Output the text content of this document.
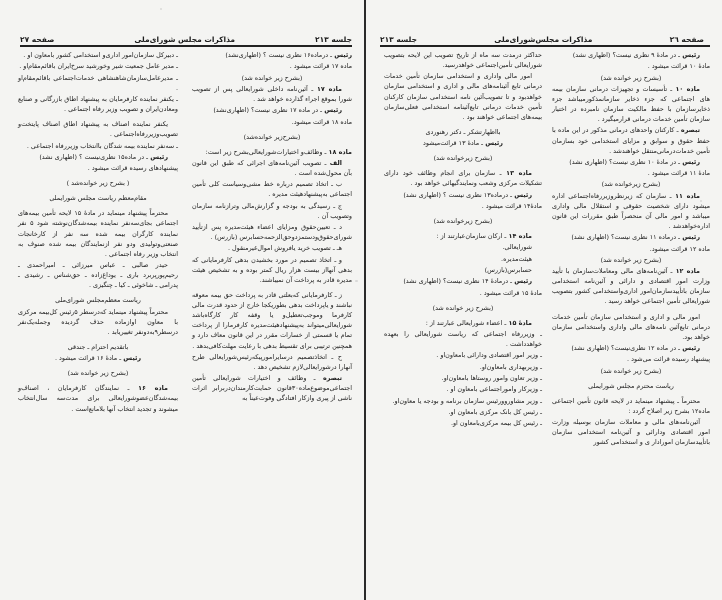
جلسه ۲۱۳
مذاکرات مجلس شورای‌ملی
صفحه ۲۷
رئیس ـ درماده۱۶ نظری نیست ؟ (اظهاری‌نشد)
ماده ۱۷ قرائت میشود .
(بشرح زیر خوانده شد)
ماده ۱۷ ـ آئین‌نامه داخلی شورایعالی پس از تصویب شورا بموقع اجراء گذارده خواهد شد .
رئیس ـ در ماده ۱۷ نظری نیست؟ (اظهاری‌نشد)
ماده ۱۸ قرائت میشود.
(بشرح‌زیر خوانده‌شد)
ماده ۱۸ ـ وظائف‌و اختیارات‌شورایعالی‌بشرح زیر است:
الف ـ تصویب آئین‌نامه‌های اجرائی که طبق این قانون بآن محول‌شده است .
ب ـ اتخاذ تصمیم درباره خط مشی‌وسیاست کلی تأمین اجتماعی به‌پیشنهادهیئت مدیره .
ج ـ رسیدگی به بودجه و گزارش‌مالی وترازنامه سازمان وتصویب آن .
د ـ تعیین‌حقوق ومزایای اعضاء هیئت‌مدیره پس ازتأیید شورای‌حقوق‌ودستمزدوحق‌الزحمه‌حسابرس (بازرس) .
هـ ـ تصویب خرید یافروش اموال‌غیرمنقول .
و ـ اتخاذ تصمیم در مورد بخشیدن بدهی کارفرمایانی که بدهی آنهااز بیست هزار ریال کمتر بوده و به تشخیص هیئت مدیره قادر به پرداخت آن نمیباشند.
ز ـ کارفرمایانی که‌بعلتی قادر به پرداخت حق بیمه معوقه نباشند و یاپرداخت بدهی بطوریکجا خارج از حدود قدرت مالی کارفرما وموجب‌تعطیل‌و یا وقفه کار کارگاه‌باشد شورایعالی‌میتواند به‌پیشنهادهیئت‌مدیره کارفرمارا از پرداخت تمام یا قسمتی از خسارات مقرر در این قانون معاف دارد و همچنین ترتیبی برای تقسیط بدهی با رعایت مهلت‌کافی‌بدهد .
ح ـ اتخاذتصمیم درسایرامورپیکه‌رئیس‌شورایعالی طرح آنهارا درشورایعالی‌لازم تشخیص دهد .
تبصره ـ وظائف و اختیارات شورایعالی تأمین اجتماعی‌موضوع‌ماده۳۰قانون حمایت‌کارمندان‌دربرابر اثرات ناشی از پیری وازکار افتادگی وفوت‌عیناً به
ـ دبیرکل سازمان‌امور اداری‌و استخدامی کشور بامعاون او .
ـ مدیر عامل جمعیت شیر وخورشید سرخ‌ایران باقائم‌مقام‌او .
ـ مدیرعامل‌سازمان‌شاهنشاهی خدمات‌اجتماعی باقائم‌مقام‌او .
ـ یکنفر نماینده کارفرمایان به پیشنهاد اطاق بازرگانی و صنایع ومعادن‌ایران و تصویب وزیر رفاه اجتماعی .
یکنفر نماینده اصناف به پیشنهاد اطاق اصناف پایتخت‌و تصویب‌وزیررفاه‌اجتماعی .
ـ سه‌نفر نماینده بیمه شدگان باانتخاب وزیررفاه اجتماعی .
رئیس ـ در ماده۱۵ نظری‌نیست ؟ (اظهاری نشد)
پیشنهادهای رسیده قرائت میشود .
( بشرح زیر خوانده‌شد )
مقام‌معظم ریاست مجلس شورایملی
محترماً پیشنهاد مینماید در مادهٔ ۱۵ لایحه تأمین بیمه‌های اجتماعی بجای‌سه‌نفر نماینده بیمه‌شدگان‌نوشته شود ۵ نفر نماینده کارگران بیمه شده سه نفر از کارخانجات صنعتی‌وتولیدی ودو نفر ازنمایندگان بیمه شده صنوف به انتخاب وزیر رفاه اجتماعی .
حیدر صالبی ـ عباس میرزائی ـ امیراحمدی ـ رحیم‌پورپربرد باری ـ یوداغ‌زاده ـ حق‌شناس ـ رشیدی ـ پدرامی ـ شاخوئی ـ کیا ـ چنگیزی .
ریاست معظم‌مجلس شورای‌ملی
محترماً پیشنهاد مینماید که‌درسطر ۵رئیس کل‌بیمه مرکزی با معاون اوازماده حذف گردیده وجمله‌یک‌نفر درسطر۹به‌دونفر تغییریابد .
باتقدیم احترام ـ جندقی
رئیس ـ مادهٔ ۱۶ قرائت میشود .
(بشرح زیر خوانده شد)
ماده ۱۶ ـ نمایندگان کارفرمایان ، اصناف‌و بیمه‌شدگان‌عضوشورایعالی برای مدت‌سه سال‌انتخاب میشوند و تجدید انتخاب آنها بلامانع‌است .
صفحه ۲٦
مذاکرات مجلس‌شورای‌ملی
جلسه ۲۱۳
رئیس ـ در مادهٔ ۹ نظری نیست؟ (اظهاری نشد)
مادهٔ ۱۰ قرائت میشود .
(بشرح زیر خوانده شد)
ماده ۱۰ ـ تأسیسات و تجهیزات درمانی سازمان بیمه های اجتماعی که جزء ذخایر سازمانمذکورمیباشد جزء ذخایرسازمان با حفظ مالکیت سازمان نامبرده در اختیار سازمان تأمین خدمات درمانی قرارمیگیرد .
تبصره ـ کارکنان واحدهای درمانی مذکور در این ماده با حفظ حقوق و سوابق و مزایای استخدامی خود بسازمان تأمین خدمات‌درمانی‌منتقل خواهندشد .
رئیس ـ در مادهٔ ۱۰ نظری نیست؟ (اظهاری نشد)
مادهٔ ۱۱ قرائت میشود .
(بشرح زیرخوانده شد)
ماده ۱۱ ـ سازمان که زیرنظروزیررفاه‌اجتماعی اداره میشود دارای شخصیت حقوقی و استقلال مالی واداری میباشد و امور مالی آن منحصراً طبق مقررات این قانون اداره‌خواهدشد .
رئیس ـ درماده ۱۱ نظری نیست؟ (اظهاری نشد)
ماده ۱۲ قرائت میشود.
(بشرح زیر خوانده شد)
ماده ۱۲ ـ آئین‌نامه‌های مالی ومعاملات‌سازمان با تأیید وزارت امور اقتصادی و دارائی و آئین‌نامه استخدامی سازمان باتأییدسازمان‌امور اداری‌واستخدامی کشور بتصویب شورایعالی تأمین اجتماعی خواهد رسید .
امور مالی و اداری و استخدامی سازمان تأمین خدمات درمانی تابع‌آئین نامه‌های مالی واداری واستخدامی سازمان خواهد بود.
رئیس ـ در ماده ۱۲ نظری‌نیست؟ (اظهاری نشد)
پیشنهاد رسیده قرائت می‌شود .
(بشرح زیر خوانده شد)
ریاست محترم مجلس شورایملی
محترماً ـ پیشنهاد مینماید در لایحه قانون تأمین اجتماعی ماده۱۲ بشرح زیر اصلاح گردد :
آئین‌نامه‌های مالی و معاملات سازمان بوسیله وزارت امور اقتصادی ودارائی و آئین‌نامه استخدامی سازمان باتأییدسازمان امورادار ی و استخدامی کشور
حداکثر درمدت سه ماه از تاریخ تصویب این لایحه بتصویب شورایعالی تأمین‌اجتماعی خواهدرسید.
امور مالی واداری و استخدامی سازمان تأمین خدمات درمانی تابع آئینامه‌های مالی و اداری و استخدامی سازمان خواهدبود و تا تصویب‌آئین نامه استخدامی سازمان کارکنان تأمین خدمات درمانی تابع‌آئینامه استخدامی فعلی‌سازمان بیمه‌های اجتماعی خواهند بود .
بااظهارتشکر ـ دکتر رهنوردی
رئیس ـ مادهٔ ۱۳ قرائت‌میشود
(بشرح زیرخوانده شد)
ماده ۱۳ ـ سازمان برای انجام وظائف خود دارای تشکیلات مرکزی وشعب ونمایندگیهائی خواهد بود .
رئیس ـ درماده۱۳ نظری نیست ؟ (اظهاری نشد)
مادهٔ۱۴ قرائت میشود .
(بشرح زیرخوانده شد)
ماده ۱۴ ـ ارکان سازمان‌عبارتند از :
شورایعالی.
هیئت‌مدیره.
حسابرس(بازرس)
رئیس ـ درمادهٔ ۱۴ نظری نیست؟ (اظهاری نشد)
مادهٔ ۱۵ قرائت میشود .
(بشرح زیر خوانده شد)
مادهٔ ۱۵ ـ اعضاء شورایعالی عبارتند از :
ـ وزیررفاه اجتماعی که ریاست شورایعالی را بعهده خواهدداشت .
ـ وزیر امور اقتصادی ودارائی بامعاون‌او .
ـ وزیربهداری بامعاون‌او.
ـ وزیر تعاون وامور روستاها بامعاون‌او.
ـ وزیرکار وامور‌اجتماعی بامعاون او .
ـ وزیر مشاوروورئیس سازمان برنامه و بودجه یا معاون‌او.
ـ رئیس کل بانک مرکزی بامعاون او.
ـ رئیس کل بیمه مرکزی‌بامعاون او.
